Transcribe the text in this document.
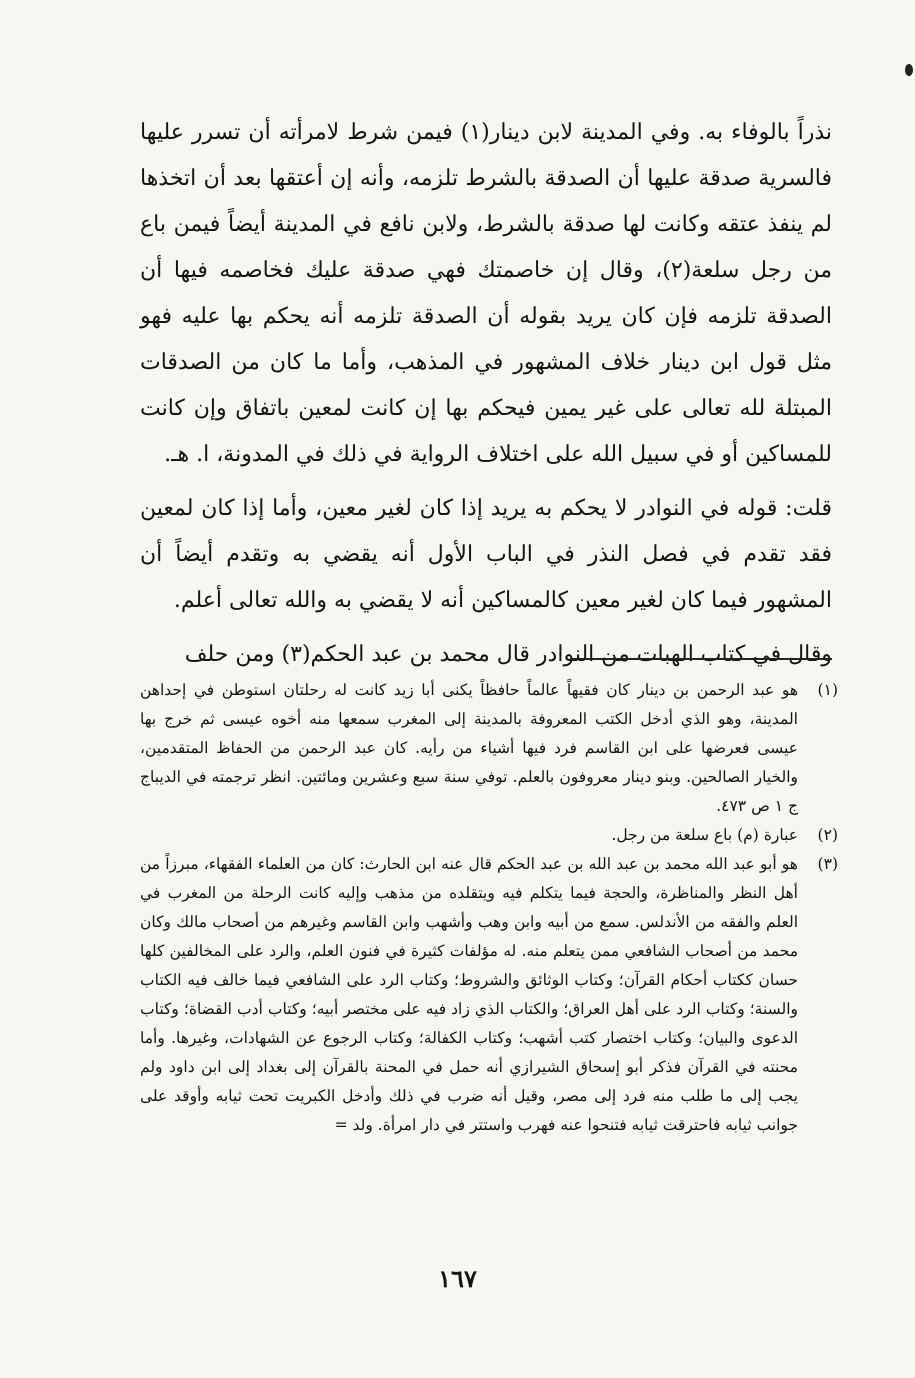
نذراً بالوفاء به. وفي المدينة لابن دينار(١) فيمن شرط لامرأته أن تسرر عليها فالسرية صدقة عليها أن الصدقة بالشرط تلزمه، وأنه إن أعتقها بعد أن اتخذها لم ينفذ عتقه وكانت لها صدقة بالشرط، ولابن نافع في المدينة أيضاً فيمن باع من رجل سلعة(٢)، وقال إن خاصمتك فهي صدقة عليك فخاصمه فيها أن الصدقة تلزمه فإن كان يريد بقوله أن الصدقة تلزمه أنه يحكم بها عليه فهو مثل قول ابن دينار خلاف المشهور في المذهب، وأما ما كان من الصدقات المبتلة لله تعالى على غير يمين فيحكم بها إن كانت لمعين باتفاق وإن كانت للمساكين أو في سبيل الله على اختلاف الرواية في ذلك في المدونة، ا. هـ.

قلت: قوله في النوادر لا يحكم به يريد إذا كان لغير معين، وأما إذا كان لمعين فقد تقدم في فصل النذر في الباب الأول أنه يقضي به وتقدم أيضاً أن المشهور فيما كان لغير معين كالمساكين أنه لا يقضي به والله تعالى أعلم.

وقال في كتاب الهبات من النوادر قال محمد بن عبد الحكم(٣) ومن حلف

(١)
هو عبد الرحمن بن دينار كان فقيهاً عالماً حافظاً يكنى أبا زيد كانت له رحلتان استوطن في إحداهن المدينة، وهو الذي أدخل الكتب المعروفة بالمدينة إلى المغرب سمعها منه أخوه عيسى ثم خرج بها عيسى فعرضها على ابن القاسم فرد فيها أشياء من رأيه. كان عبد الرحمن من الحفاظ المتقدمين، والخيار الصالحين. وبنو دينار معروفون بالعلم. توفي سنة سبع وعشرين ومائتين. انظر ترجمته في الديباج ج ١ ص ٤٧٣.
(٢)
عبارة (م) باع سلعة من رجل.
(٣)
هو أبو عبد الله محمد بن عبد الله بن عبد الحكم قال عنه ابن الحارث: كان من العلماء الفقهاء، مبرزاً من أهل النظر والمناظرة، والحجة فيما يتكلم فيه ويتقلده من مذهب وإليه كانت الرحلة من المغرب في العلم والفقه من الأندلس. سمع من أبيه وابن وهب وأشهب وابن القاسم وغيرهم من أصحاب مالك وكان محمد من أصحاب الشافعي ممن يتعلم منه. له مؤلفات كثيرة في فنون العلم، والرد على المخالفين كلها حسان ككتاب أحكام القرآن؛ وكتاب الوثائق والشروط؛ وكتاب الرد على الشافعي فيما خالف فيه الكتاب والسنة؛ وكتاب الرد على أهل العراق؛ والكتاب الذي زاد فيه على مختصر أبيه؛ وكتاب أدب القضاة؛ وكتاب الدعوى والبيان؛ وكتاب اختصار كتب أشهب؛ وكتاب الكفالة؛ وكتاب الرجوع عن الشهادات، وغيرها. وأما محنته في القرآن فذكر أبو إسحاق الشيرازي أنه حمل في المحنة بالقرآن إلى بغداد إلى ابن داود ولم يجب إلى ما طلب منه فرد إلى مصر، وقيل أنه ضرب في ذلك وأدخل الكبريت تحت ثيابه وأوقد على جوانب ثيابه فاحترقت ثيابه فتنحوا عنه فهرب واستتر في دار امرأة. ولد =
١٦٧
